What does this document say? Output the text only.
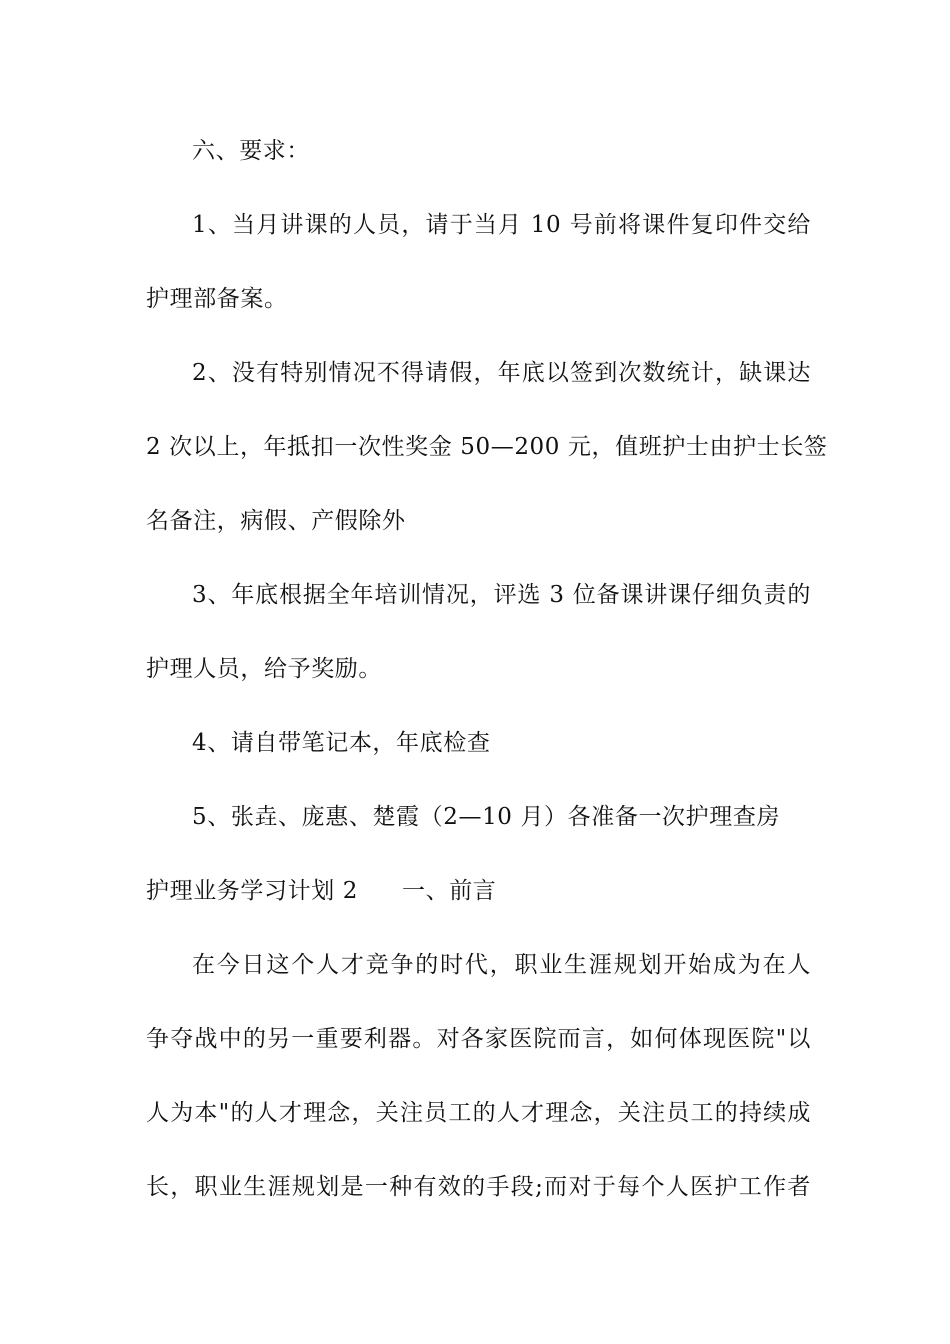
六、要求：
1、当月讲课的人员，请于当月 10 号前将课件复印件交给
护理部备案。
2、没有特别情况不得请假，年底以签到次数统计，缺课达
2 次以上，年抵扣一次性奖金 50—200 元，值班护士由护士长签
名备注，病假、产假除外
3、年底根据全年培训情况，评选 3 位备课讲课仔细负责的
护理人员，给予奖励。
4、请自带笔记本，年底检查
5、张垚、庞惠、楚霞（2—10 月）各准备一次护理查房
护理业务学习计划 2 一、前言
在今日这个人才竞争的时代，职业生涯规划开始成为在人
争夺战中的另一重要利器。对各家医院而言，如何体现医院"以
人为本"的人才理念，关注员工的人才理念，关注员工的持续成
长，职业生涯规划是一种有效的手段;而对于每个人医护工作者
